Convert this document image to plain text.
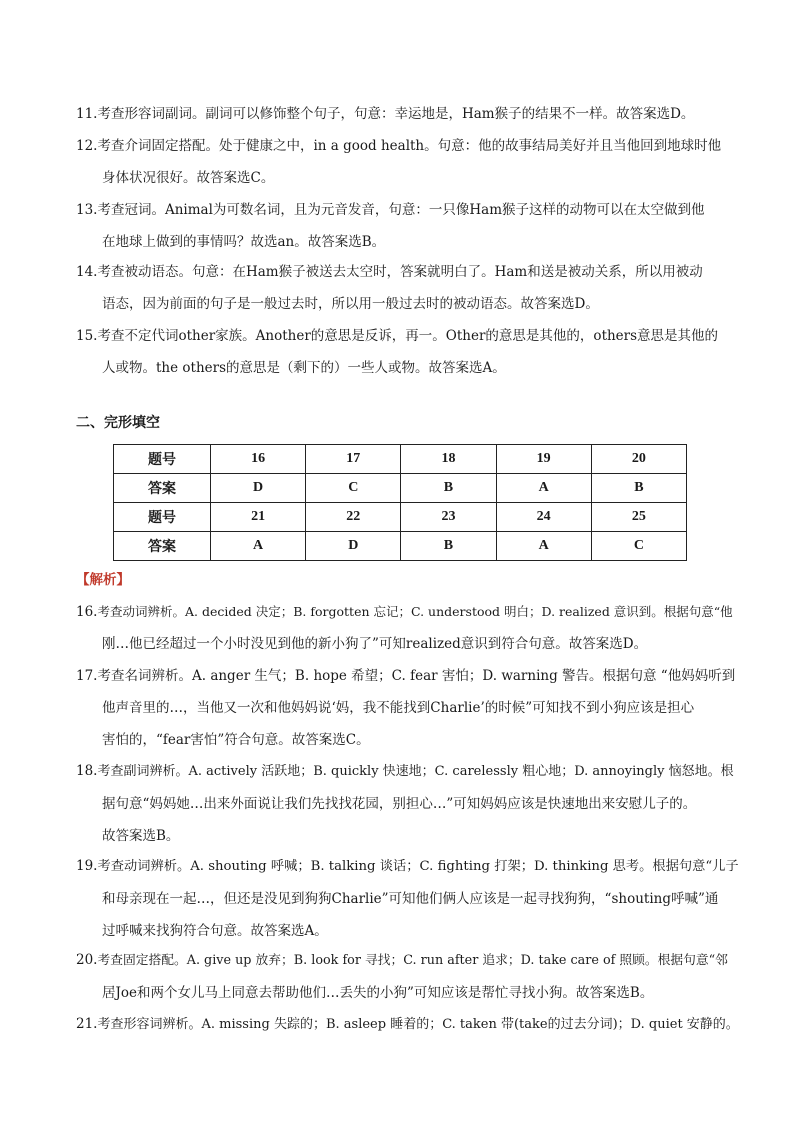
11.考查形容词副词。副词可以修饰整个句子，句意：幸运地是，Ham猴子的结果不一样。故答案选D。
12.考查介词固定搭配。处于健康之中，in a good health。句意：他的故事结局美好并且当他回到地球时他
身体状况很好。故答案选C。
13.考查冠词。Animal为可数名词，且为元音发音，句意：一只像Ham猴子这样的动物可以在太空做到他
在地球上做到的事情吗？故选an。故答案选B。
14.考查被动语态。句意：在Ham猴子被送去太空时，答案就明白了。Ham和送是被动关系，所以用被动
语态，因为前面的句子是一般过去时，所以用一般过去时的被动语态。故答案选D。
15.考查不定代词other家族。Another的意思是反诉，再一。Other的意思是其他的，others意思是其他的
人或物。the others的意思是（剩下的）一些人或物。故答案选A。
二、完形填空
题号	16	17	18	19	20
答案	D	C	B	A	B
题号	21	22	23	24	25
答案	A	D	B	A	C
【解析】
16.考查动词辨析。A. decided 决定；B. forgotten 忘记；C. understood 明白；D. realized 意识到。根据句意“他
刚…他已经超过一个小时没见到他的新小狗了”可知realized意识到符合句意。故答案选D。
17.考查名词辨析。A. anger 生气；B. hope 希望；C. fear 害怕；D. warning 警告。根据句意 “他妈妈听到
他声音里的…，当他又一次和他妈妈说‘妈，我不能找到Charlie’的时候”可知找不到小狗应该是担心
害怕的，“fear害怕”符合句意。故答案选C。
18.考查副词辨析。A. actively 活跃地；B. quickly 快速地；C. carelessly 粗心地；D. annoyingly 恼怒地。根
据句意“妈妈她…出来外面说让我们先找找花园，别担心…”可知妈妈应该是快速地出来安慰儿子的。
故答案选B。
19.考查动词辨析。A. shouting 呼喊；B. talking 谈话；C. fighting 打架；D. thinking 思考。根据句意“儿子
和母亲现在一起…，但还是没见到狗狗Charlie”可知他们俩人应该是一起寻找狗狗，“shouting呼喊”通
过呼喊来找狗符合句意。故答案选A。
20.考查固定搭配。A. give up 放弃；B. look for 寻找；C. run after 追求；D. take care of 照顾。根据句意“邻
居Joe和两个女儿马上同意去帮助他们…丢失的小狗”可知应该是帮忙寻找小狗。故答案选B。
21.考查形容词辨析。A. missing 失踪的；B. asleep 睡着的；C. taken 带(take的过去分词)；D. quiet 安静的。
